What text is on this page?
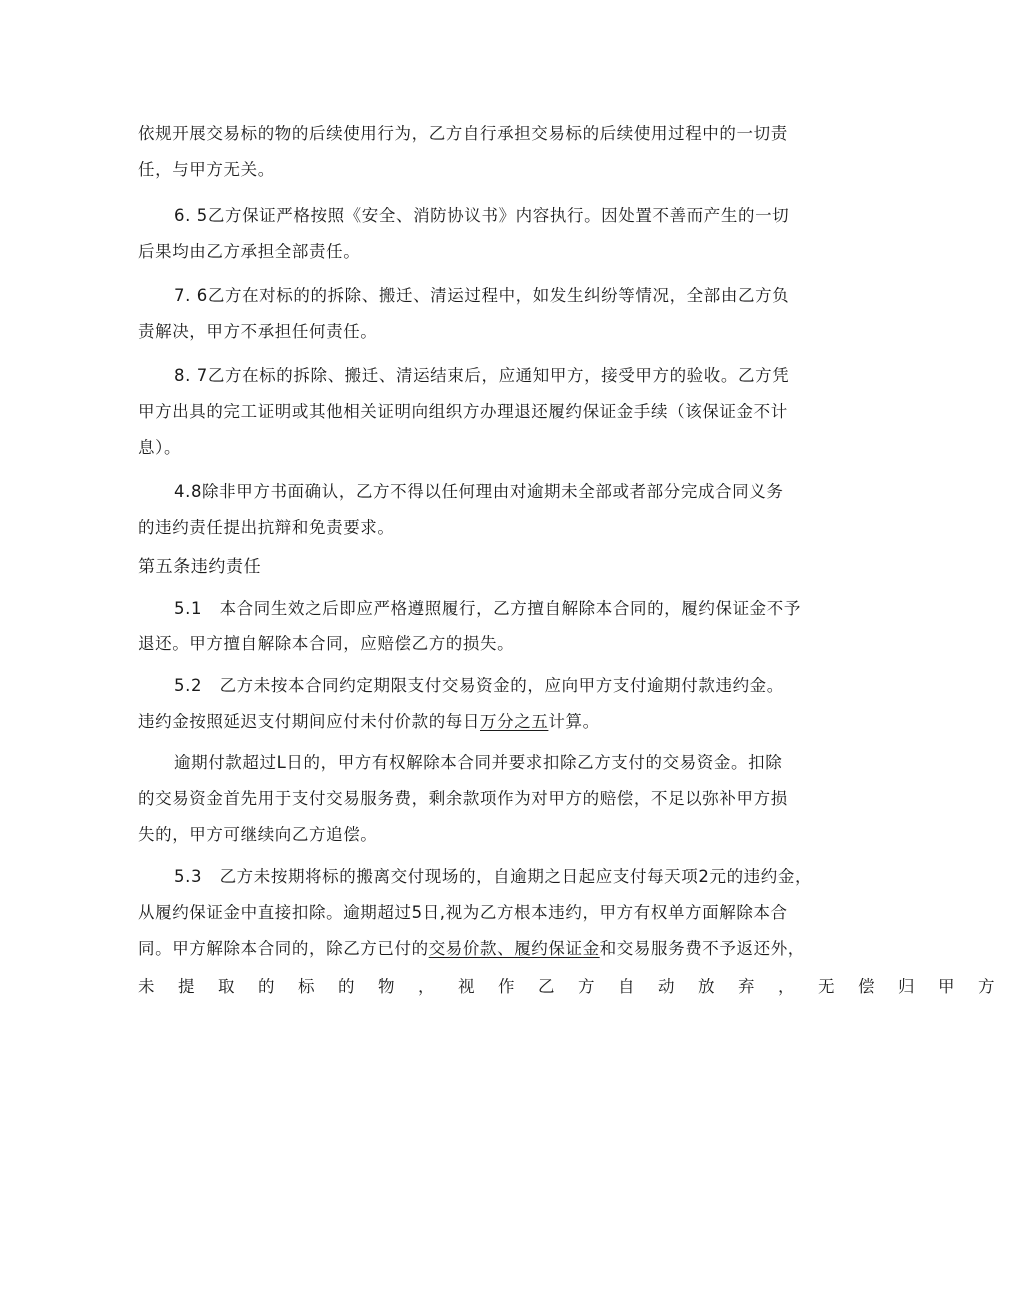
依规开展交易标的物的后续使用行为，乙方自行承担交易标的后续使用过程中的一切责
任，与甲方无关。
6. 5乙方保证严格按照《安全、消防协议书》内容执行。因处置不善而产生的一切
后果均由乙方承担全部责任。
7. 6乙方在对标的的拆除、搬迁、清运过程中，如发生纠纷等情况，全部由乙方负
责解决，甲方不承担任何责任。
8. 7乙方在标的拆除、搬迁、清运结束后，应通知甲方，接受甲方的验收。乙方凭
甲方出具的完工证明或其他相关证明向组织方办理退还履约保证金手续（该保证金不计
息）。
4.8除非甲方书面确认，乙方不得以任何理由对逾期未全部或者部分完成合同义务
的违约责任提出抗辩和免责要求。
第五条违约责任
5.1   本合同生效之后即应严格遵照履行，乙方擅自解除本合同的，履约保证金不予
退还。甲方擅自解除本合同，应赔偿乙方的损失。
5.2   乙方未按本合同约定期限支付交易资金的，应向甲方支付逾期付款违约金。
违约金按照延迟支付期间应付未付价款的每日万分之五计算。
逾期付款超过L日的，甲方有权解除本合同并要求扣除乙方支付的交易资金。扣除
的交易资金首先用于支付交易服务费，剩余款项作为对甲方的赔偿，不足以弥补甲方损
失的，甲方可继续向乙方追偿。
5.3   乙方未按期将标的搬离交付现场的，自逾期之日起应支付每天项2元的违约金，
从履约保证金中直接扣除。逾期超过5日,视为乙方根本违约，甲方有权单方面解除本合
同。甲方解除本合同的，除乙方已付的交易价款、履约保证金和交易服务费不予返还外，
未提取的标的物，视作乙方自动放弃，无偿归甲方
